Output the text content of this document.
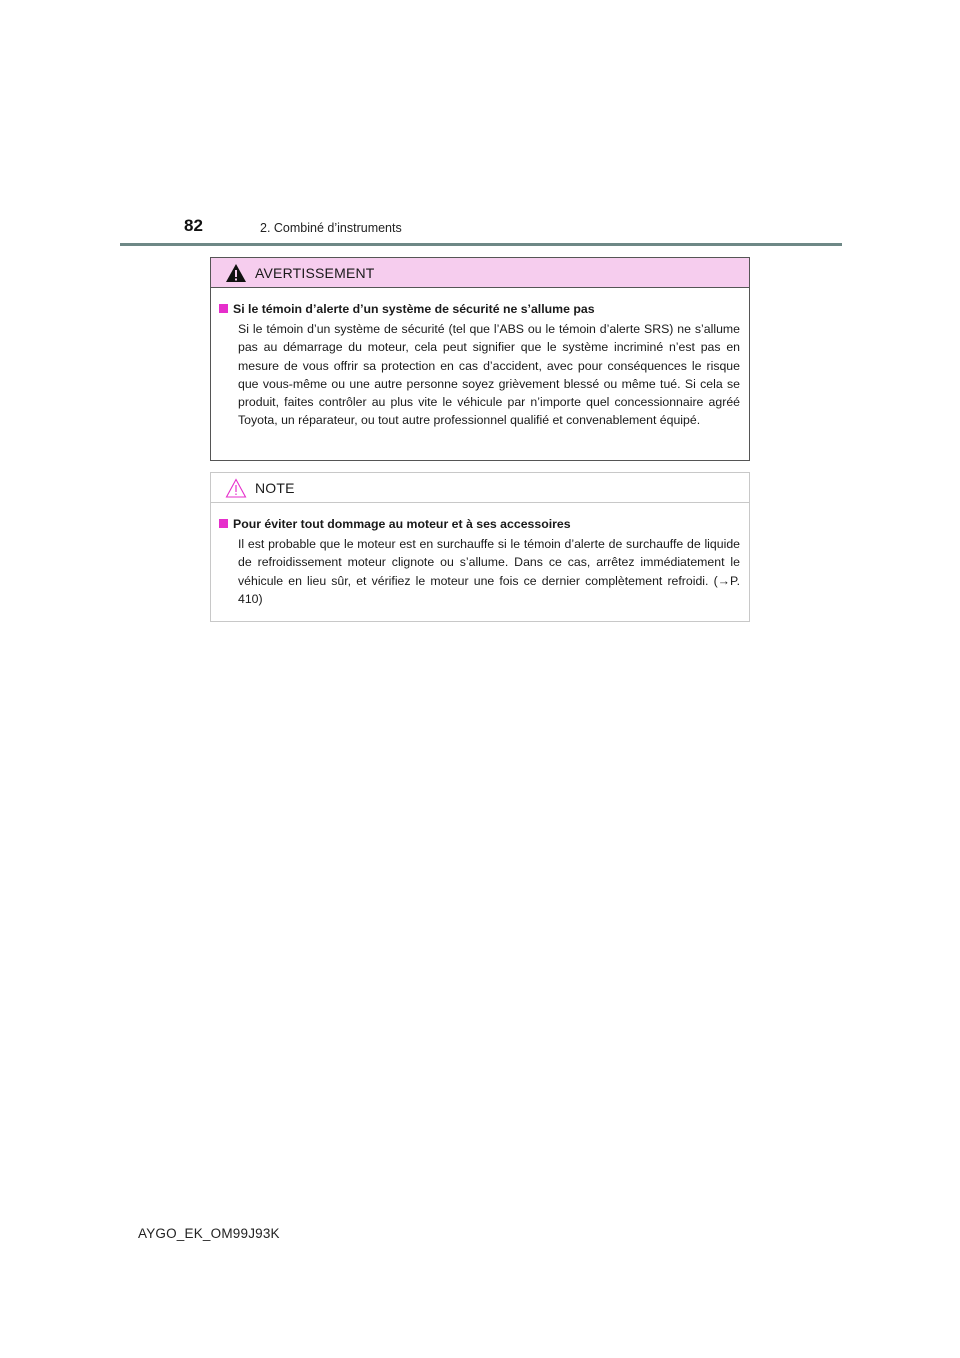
82	2. Combiné d’instruments
AVERTISSEMENT
Si le témoin d’alerte d’un système de sécurité ne s’allume pas
Si le témoin d’un système de sécurité (tel que l’ABS ou le témoin d’alerte SRS) ne s’allume pas au démarrage du moteur, cela peut signifier que le système incriminé n’est pas en mesure de vous offrir sa protection en cas d’accident, avec pour conséquences le risque que vous-même ou une autre personne soyez grièvement blessé ou même tué. Si cela se produit, faites contrôler au plus vite le véhicule par n’importe quel concessionnaire agréé Toyota, un réparateur, ou tout autre professionnel qualifié et convenablement équipé.
NOTE
Pour éviter tout dommage au moteur et à ses accessoires
Il est probable que le moteur est en surchauffe si le témoin d’alerte de surchauffe de liquide de refroidissement moteur clignote ou s’allume. Dans ce cas, arrêtez immédiatement le véhicule en lieu sûr, et vérifiez le moteur une fois ce dernier complètement refroidi. (→P. 410)
AYGO_EK_OM99J93K
